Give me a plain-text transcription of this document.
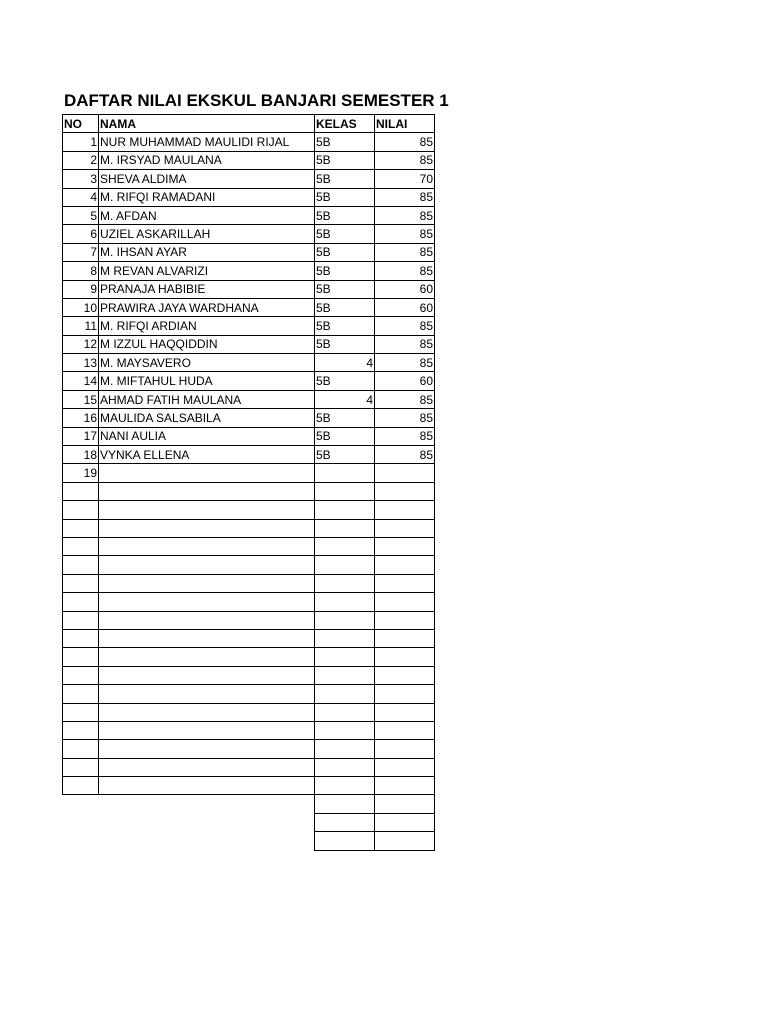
DAFTAR NILAI EKSKUL BANJARI SEMESTER 1
NO	NAMA	KELAS	NILAI
1	NUR MUHAMMAD MAULIDI RIJAL	5B	85
2	M. IRSYAD MAULANA	5B	85
3	SHEVA ALDIMA	5B	70
4	M. RIFQI RAMADANI	5B	85
5	M. AFDAN	5B	85
6	UZIEL ASKARILLAH	5B	85
7	M. IHSAN AYAR	5B	85
8	M REVAN ALVARIZI	5B	85
9	PRANAJA HABIBIE	5B	60
10	PRAWIRA JAYA WARDHANA	5B	60
11	M. RIFQI ARDIAN	5B	85
12	M IZZUL HAQQIDDIN	5B	85
13	M. MAYSAVERO	4	85
14	M. MIFTAHUL HUDA	5B	60
15	AHMAD FATIH MAULANA	4	85
16	MAULIDA SALSABILA	5B	85
17	NANI AULIA	5B	85
18	VYNKA ELLENA	5B	85
19			
